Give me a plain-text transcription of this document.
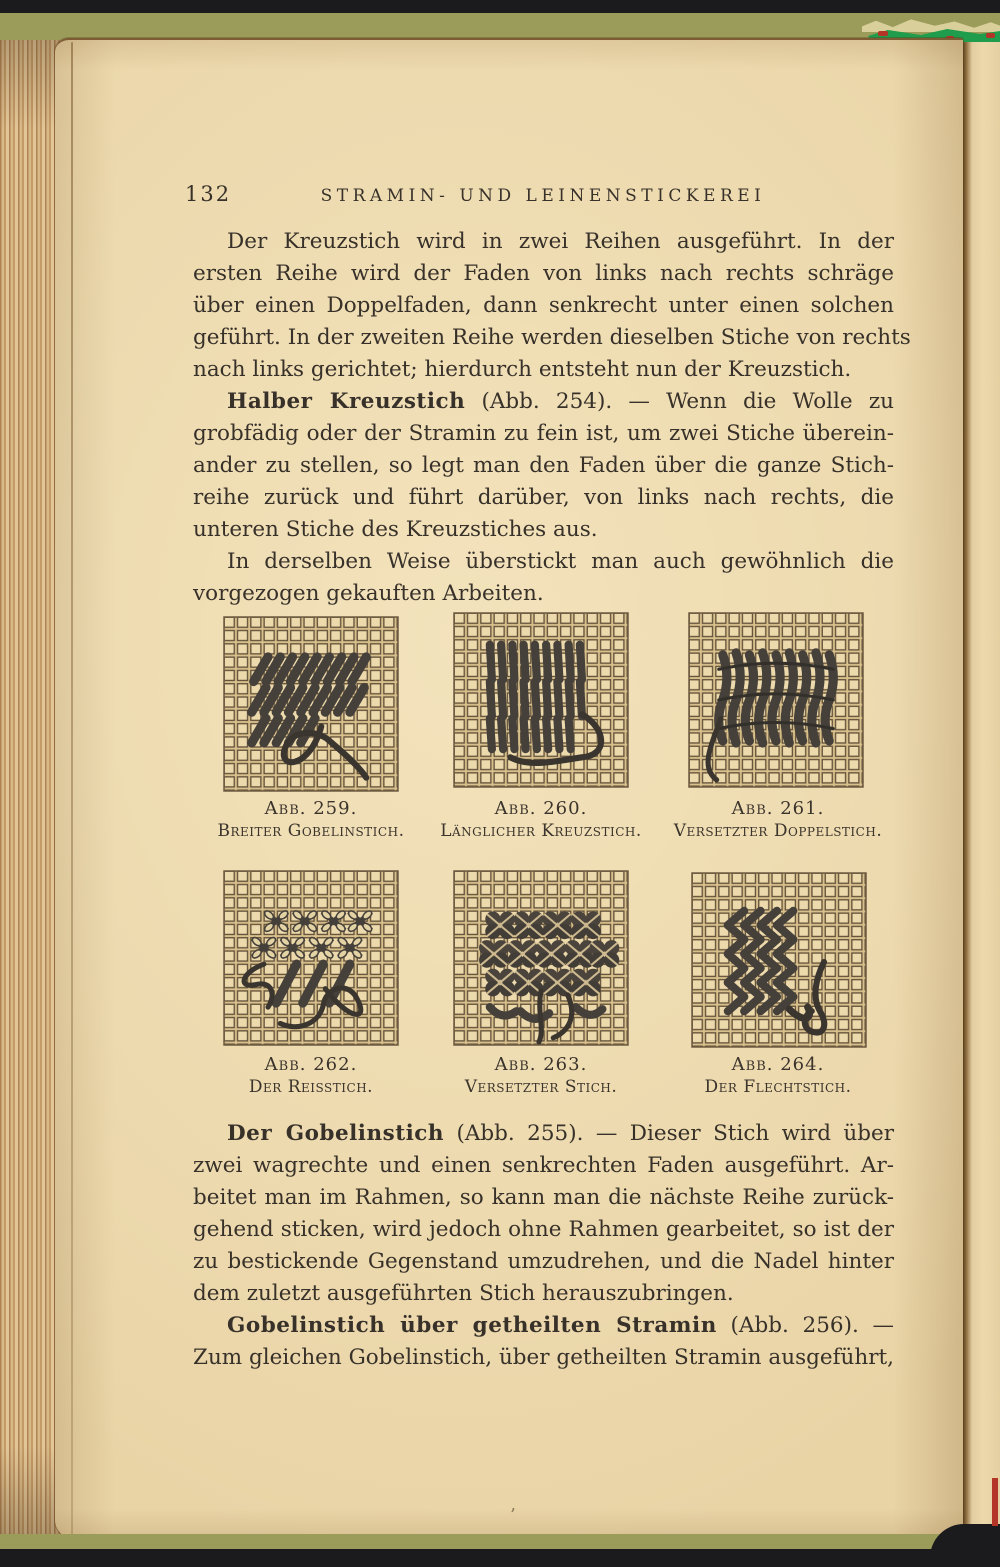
132	STRAMIN- UND LEINENSTICKEREI
Der Kreuzstich wird in zwei Reihen ausgeführt. In der
ersten Reihe wird der Faden von links nach rechts schräge
über einen Doppelfaden, dann senkrecht unter einen solchen
geführt. In der zweiten Reihe werden dieselben Stiche von rechts
nach links gerichtet; hierdurch entsteht nun der Kreuzstich.
Halber Kreuzstich (Abb. 254). — Wenn die Wolle zu
grobfädig oder der Stramin zu fein ist, um zwei Stiche überein-
ander zu stellen, so legt man den Faden über die ganze Stich-
reihe zurück und führt darüber, von links nach rechts, die
unteren Stiche des Kreuzstiches aus.
In derselben Weise überstickt man auch gewöhnlich die
vorgezogen gekauften Arbeiten.
Abb. 259.
Breiter Gobelinstich.
Abb. 260.
Länglicher Kreuzstich.
Abb. 261.
Versetzter Doppelstich.
Abb. 262.
Der Reisstich.
Abb. 263.
Versetzter Stich.
Abb. 264.
Der Flechtstich.
Der Gobelinstich (Abb. 255). — Dieser Stich wird über
zwei wagrechte und einen senkrechten Faden ausgeführt. Ar-
beitet man im Rahmen, so kann man die nächste Reihe zurück-
gehend sticken, wird jedoch ohne Rahmen gearbeitet, so ist der
zu bestickende Gegenstand umzudrehen, und die Nadel hinter
dem zuletzt ausgeführten Stich herauszubringen.
Gobelinstich über getheilten Stramin (Abb. 256). —
Zum gleichen Gobelinstich, über getheilten Stramin ausgeführt,
’
